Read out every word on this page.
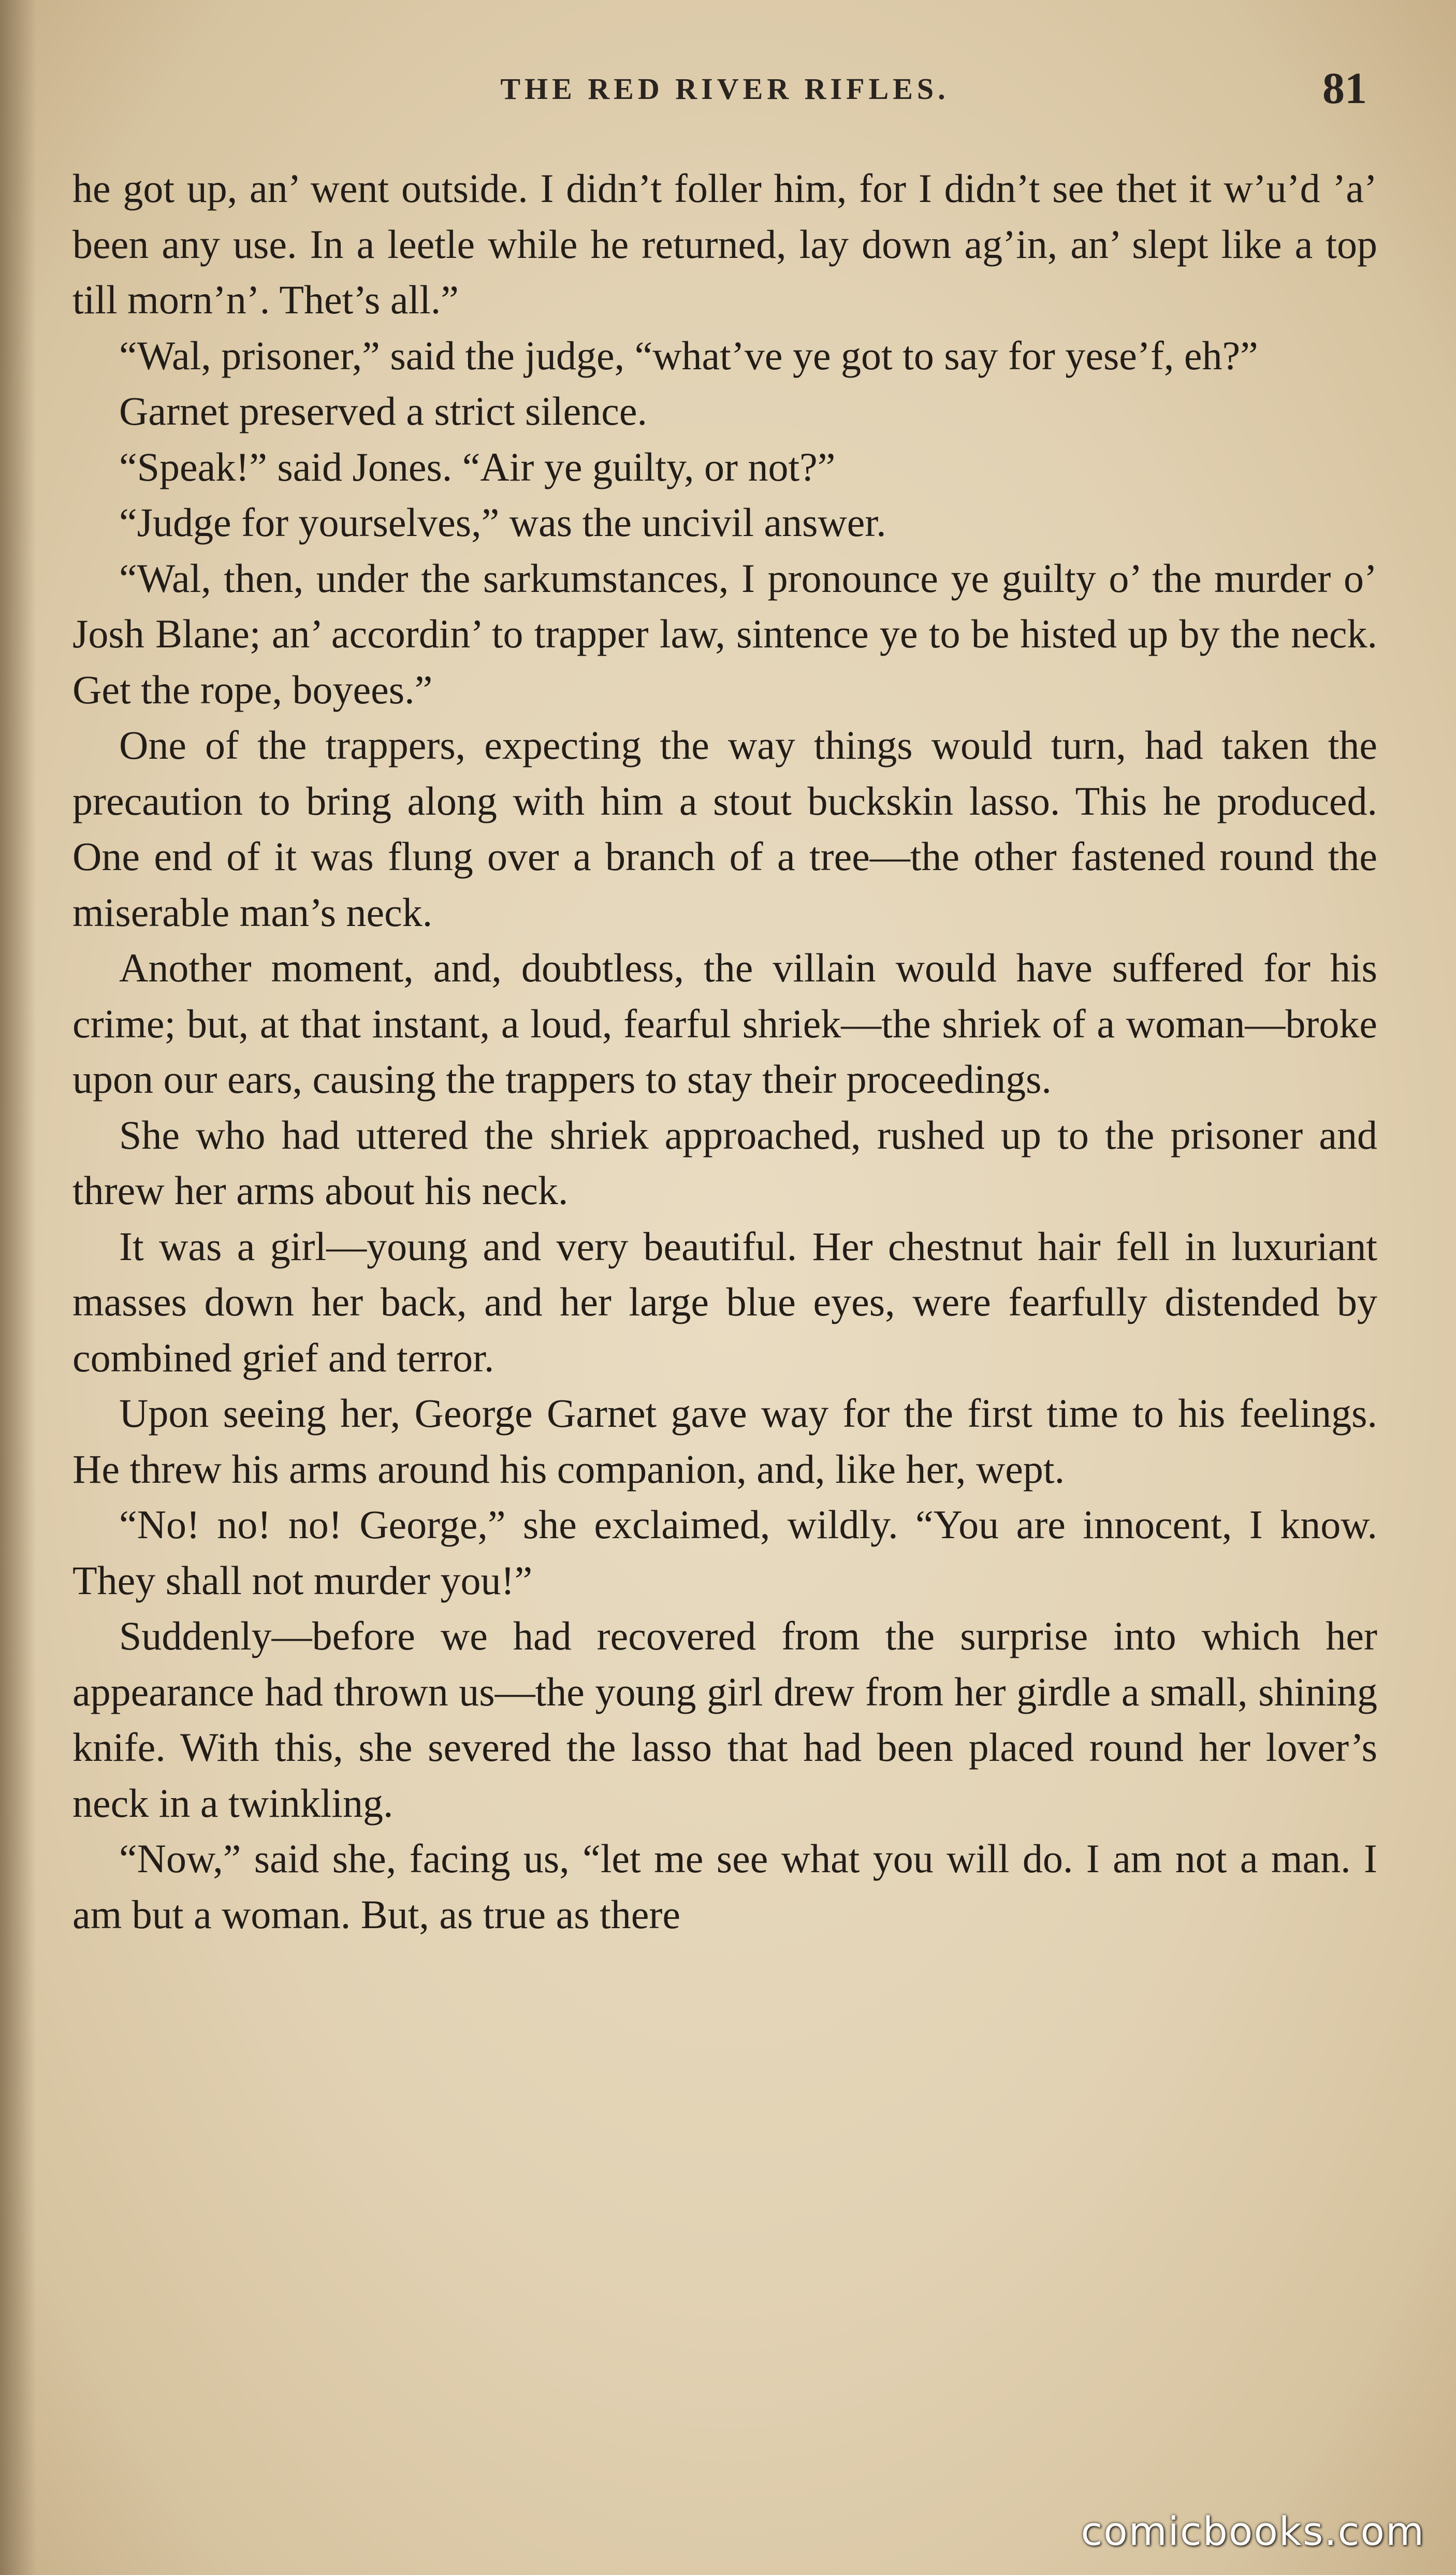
THE RED RIVER RIFLES.	81

he got up, an’ went outside. I didn’t foller him, for I didn’t see thet it w’u’d ’a’ been any use. In a leetle while he returned, lay down ag’in, an’ slept like a top till morn’n’. Thet’s all.”

“Wal, prisoner,” said the judge, “what’ve ye got to say for yese’f, eh?”

Garnet preserved a strict silence.

“Speak!” said Jones. “Air ye guilty, or not?”

“Judge for yourselves,” was the uncivil answer.

“Wal, then, under the sarkumstances, I pronounce ye guilty o’ the murder o’ Josh Blane; an’ accordin’ to trapper law, sintence ye to be histed up by the neck. Get the rope, boyees.”

One of the trappers, expecting the way things would turn, had taken the precaution to bring along with him a stout buckskin lasso. This he produced. One end of it was flung over a branch of a tree—the other fastened round the miserable man’s neck.

Another moment, and, doubtless, the villain would have suffered for his crime; but, at that instant, a loud, fearful shriek—the shriek of a woman—broke upon our ears, causing the trappers to stay their proceedings.

She who had uttered the shriek approached, rushed up to the prisoner and threw her arms about his neck.

It was a girl—young and very beautiful. Her chestnut hair fell in luxuriant masses down her back, and her large blue eyes, were fearfully distended by combined grief and terror.

Upon seeing her, George Garnet gave way for the first time to his feelings. He threw his arms around his companion, and, like her, wept.

“No! no! no! George,” she exclaimed, wildly. “You are innocent, I know. They shall not murder you!”

Suddenly—before we had recovered from the surprise into which her appearance had thrown us—the young girl drew from her girdle a small, shining knife. With this, she severed the lasso that had been placed round her lover’s neck in a twinkling.

“Now,” said she, facing us, “let me see what you will do. I am not a man. I am but a woman. But, as true as there

comicbooks.com
